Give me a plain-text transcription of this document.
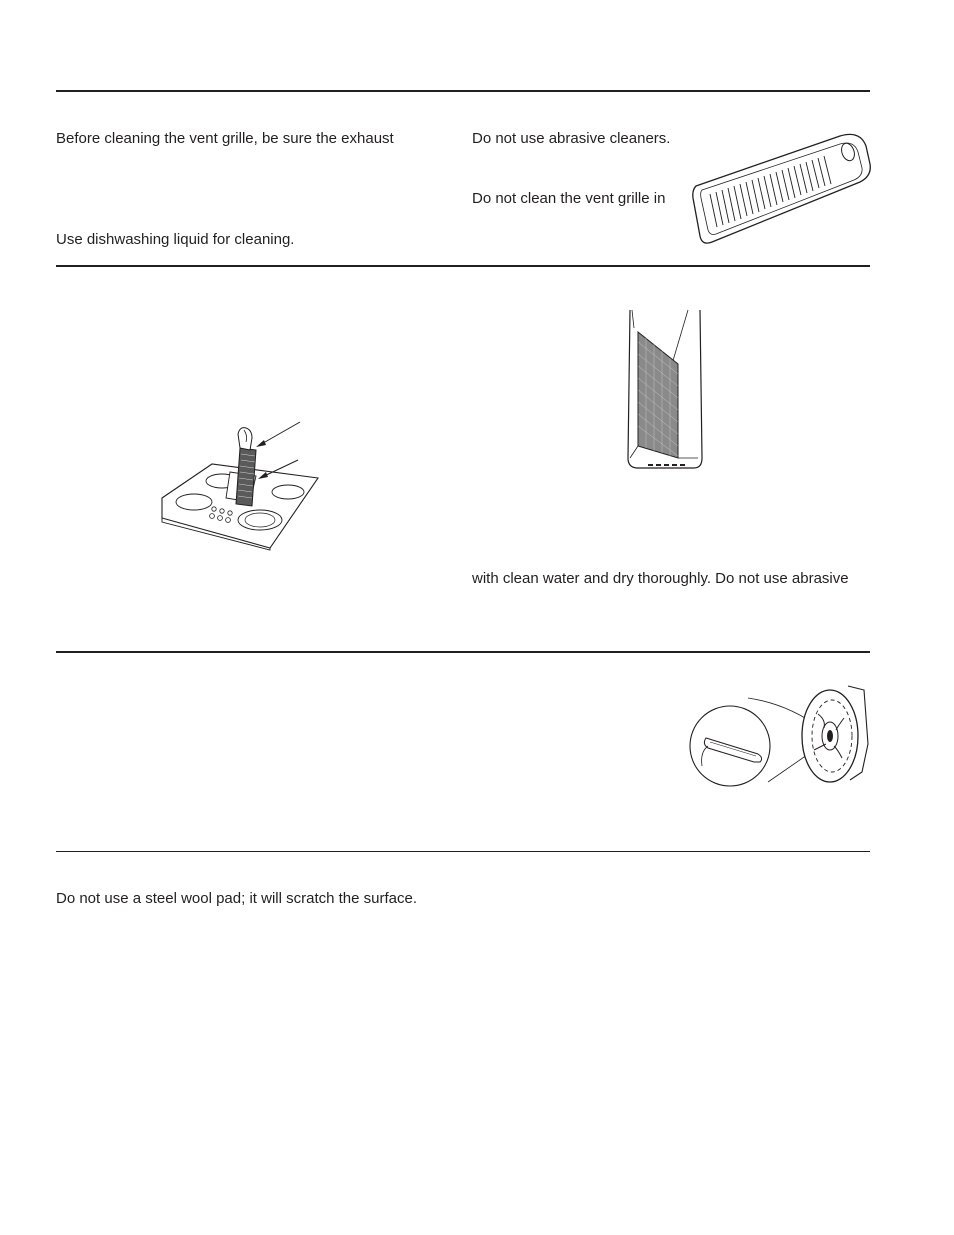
Before cleaning the vent grille, be sure the exhaust
Use dishwashing liquid for cleaning.
Do not use abrasive cleaners.
Do not clean the vent grille in
with clean water and dry thoroughly. Do not use abrasive
Do not use a steel wool pad; it will scratch the surface.
